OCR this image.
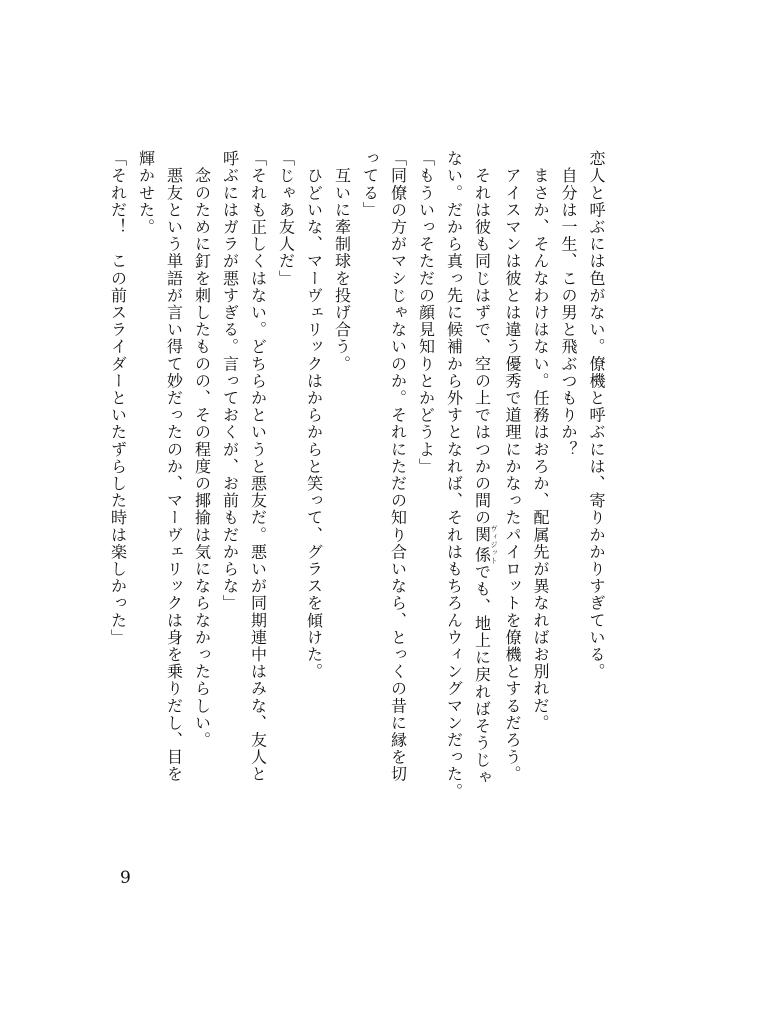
恋人と呼ぶには色がない。僚機と呼ぶには、寄りかかりすぎている。

　自分は一生、この男と飛ぶつもりか？

　まさか、そんなわけはない。任務はおろか、配属先が異なればお別れだ。

　アイスマンは彼とは違う優秀で道理にかなったパイロットを僚機とするだろう。

　それは彼も同じはずで、空の上ではつかの間の関係ヴィジットでも、地上に戻ればそうじゃ

ない。だから真っ先に候補から外すとなれば、それはもちろんウィングマンだった。

「もういっそただの顔見知りとかどうよ」

「同僚の方がマシじゃないのか。それにただの知り合いなら、とっくの昔に縁を切

ってる」

　互いに牽制球を投げ合う。

　ひどいな、マーヴェリックはからからと笑って、グラスを傾けた。

「じゃあ友人だ」

「それも正しくはない。どちらかというと悪友だ。悪いが同期連中はみな、友人と

呼ぶにはガラが悪すぎる。言っておくが、お前もだからな」

　念のために釘を刺したものの、その程度の揶揄は気にならなかったらしい。

　悪友という単語が言い得て妙だったのか、マーヴェリックは身を乗りだし、目を

輝かせた。

「それだ！　この前スライダーといたずらした時は楽しかった」

9
